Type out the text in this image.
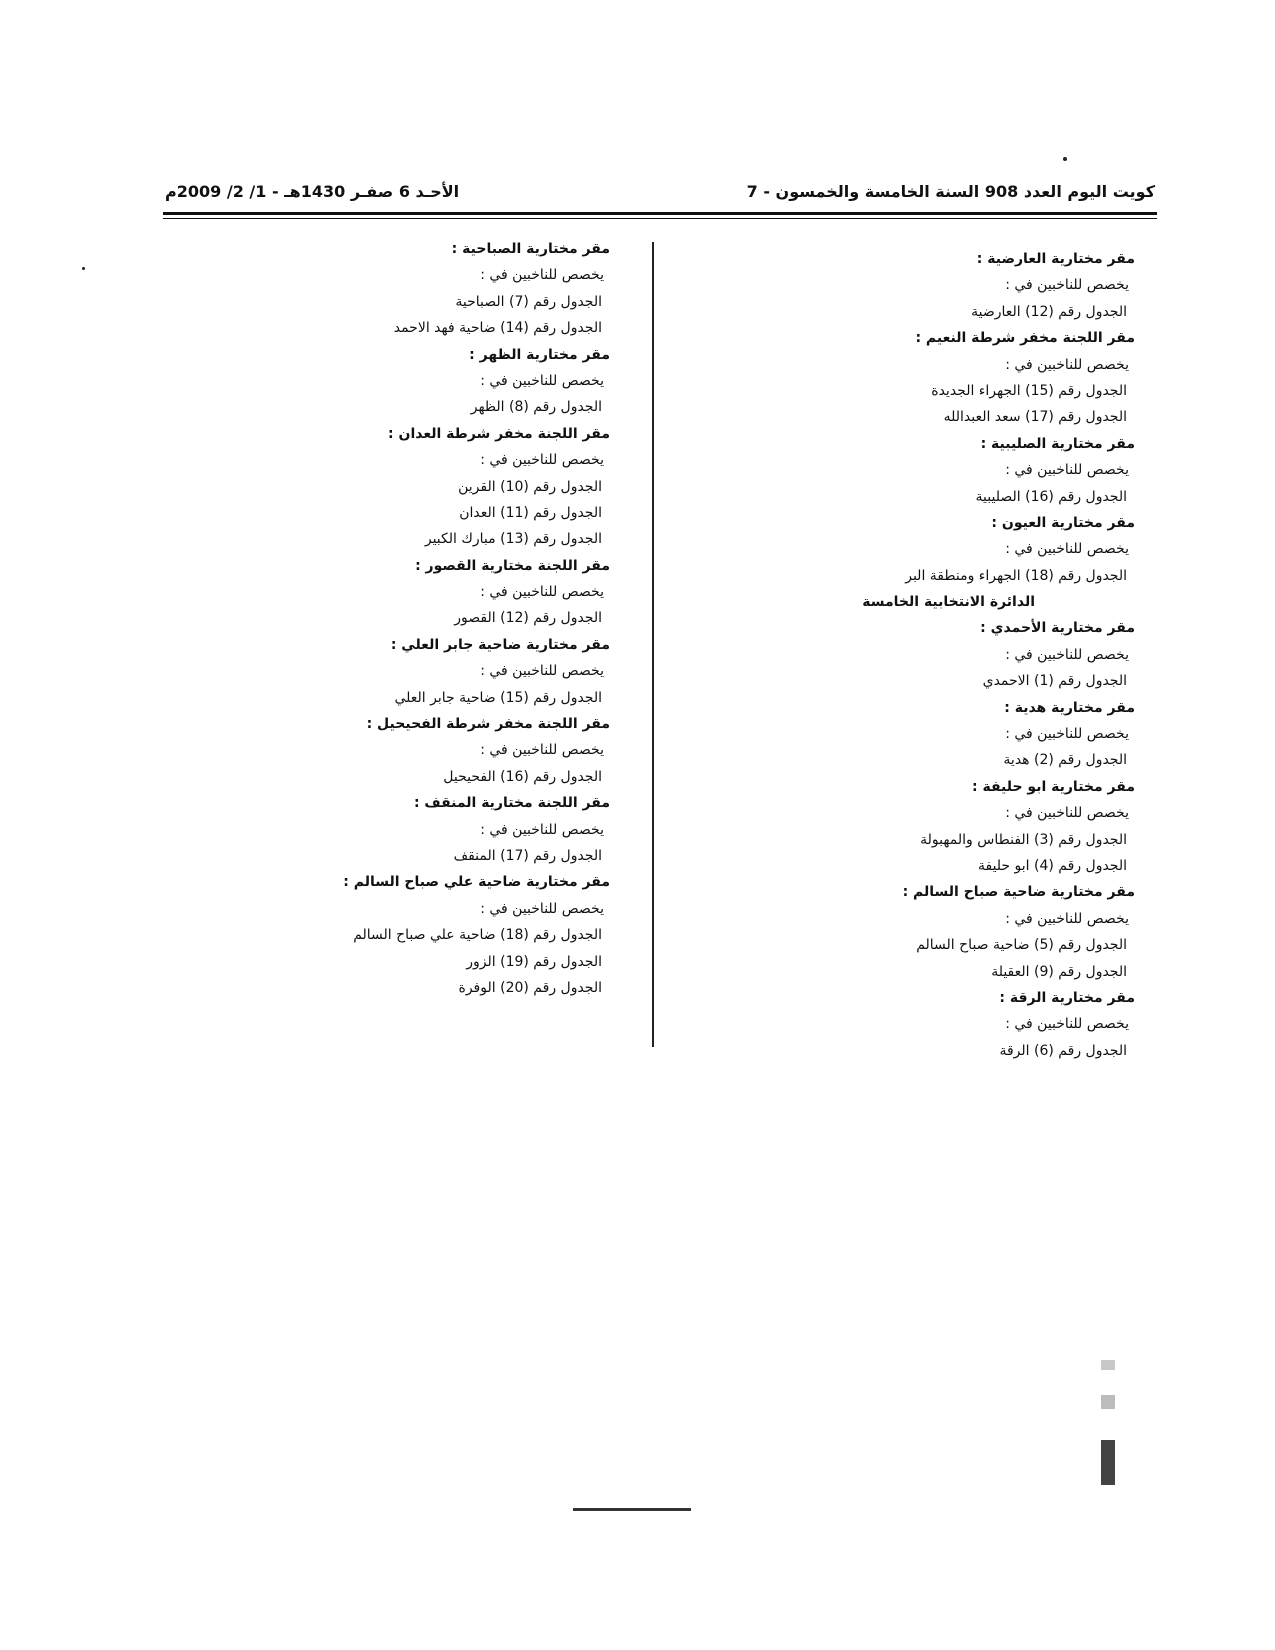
كويت اليوم العدد 908 السنة الخامسة والخمسون - 7
الأحـد 6 صفـر 1430هـ - 1/ 2/ 2009م
مقر مختارية العارضية :
يخصص للناخبين في :
الجدول رقم (12) العارضية
مقر اللجنة مخفر شرطة النعيم :
يخصص للناخبين في :
الجدول رقم (15) الجهراء الجديدة
الجدول رقم (17) سعد العبدالله
مقر مختارية الصليبية :
يخصص للناخبين في :
الجدول رقم (16) الصليبية
مقر مختارية العيون :
يخصص للناخبين في :
الجدول رقم (18) الجهراء ومنطقة البر
الدائرة الانتخابية الخامسة
مقر مختارية الأحمدي :
يخصص للناخبين في :
الجدول رقم (1) الاحمدي
مقر مختارية هدية :
يخصص للناخبين في :
الجدول رقم (2) هدية
مقر مختارية ابو حليفة :
يخصص للناخبين في :
الجدول رقم (3) الفنطاس والمهبولة
الجدول رقم (4) ابو حليفة
مقر مختارية ضاحية صباح السالم :
يخصص للناخبين في :
الجدول رقم (5) ضاحية صباح السالم
الجدول رقم (9) العقيلة
مقر مختارية الرقة :
يخصص للناخبين في :
الجدول رقم (6) الرقة
مقر مختارية الصباحية :
يخصص للناخبين في :
الجدول رقم (7) الصباحية
الجدول رقم (14) ضاحية فهد الاحمد
مقر مختارية الظهر :
يخصص للناخبين في :
الجدول رقم (8) الظهر
مقر اللجنة مخفر شرطة العدان :
يخصص للناخبين في :
الجدول رقم (10) القرين
الجدول رقم (11) العدان
الجدول رقم (13) مبارك الكبير
مقر اللجنة مختارية القصور :
يخصص للناخبين في :
الجدول رقم (12) القصور
مقر مختارية ضاحية جابر العلي :
يخصص للناخبين في :
الجدول رقم (15) ضاحية جابر العلي
مقر اللجنة مخفر شرطة الفحيحيل :
يخصص للناخبين في :
الجدول رقم (16) الفحيحيل
مقر اللجنة مختارية المنقف :
يخصص للناخبين في :
الجدول رقم (17) المنقف
مقر مختارية ضاحية علي صباح السالم :
يخصص للناخبين في :
الجدول رقم (18) ضاحية علي صباح السالم
الجدول رقم (19) الزور
الجدول رقم (20) الوفرة
